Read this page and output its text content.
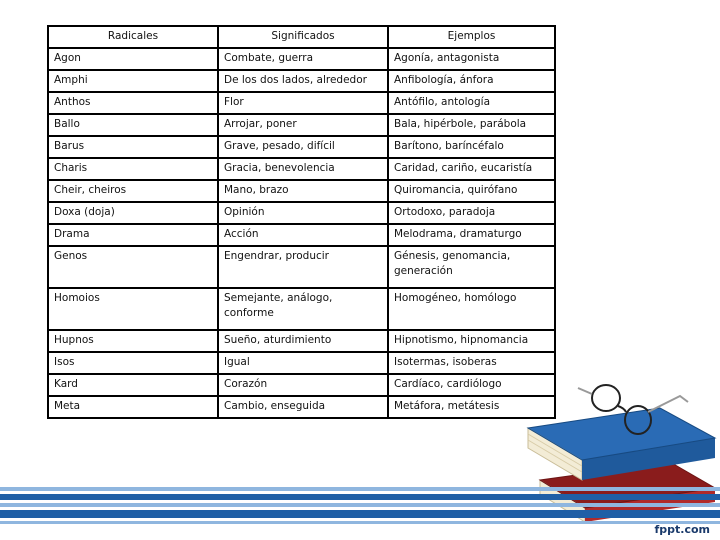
Radicales	Significados	Ejemplos
Agon	Combate, guerra	Agonía, antagonista
Amphi	De los dos lados, alrededor	Anfibología, ánfora
Anthos	Flor	Antófilo, antología
Ballo	Arrojar, poner	Bala, hipérbole, parábola
Barus	Grave, pesado, difícil	Barítono, baríncéfalo
Charis	Gracia, benevolencia	Caridad, cariño, eucaristía
Cheir, cheiros	Mano, brazo	Quiromancia, quirófano
Doxa (doja)	Opinión	Ortodoxo, paradoja
Drama	Acción	Melodrama, dramaturgo
Genos	Engendrar, producir	Génesis, genomancia, generación
Homoios	Semejante, análogo, conforme	Homogéneo, homólogo
Hupnos	Sueño, aturdimiento	Hipnotismo, hipnomancia
Isos	Igual	Isotermas, isoberas
Kard	Corazón	Cardíaco, cardiólogo
Meta	Cambio, enseguida	Metáfora, metátesis
fppt.com
